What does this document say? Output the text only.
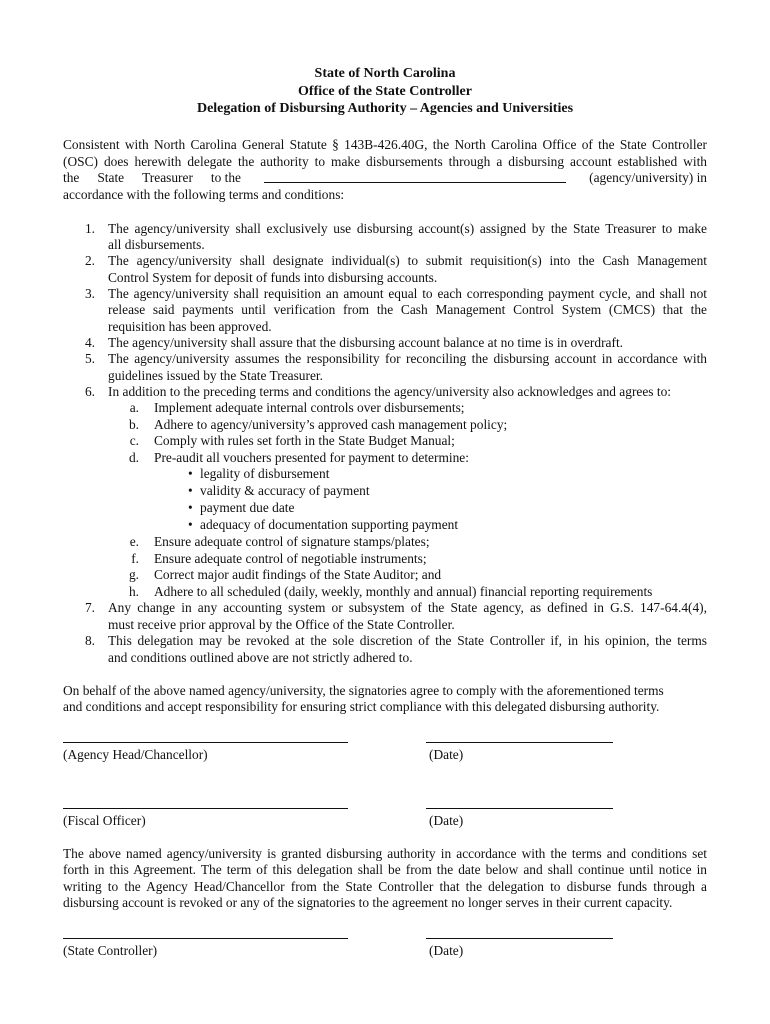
State of North Carolina
Office of the State Controller
Delegation of Disbursing Authority – Agencies and Universities
Consistent with North Carolina General Statute § 143B-426.40G, the North Carolina Office of the State Controller
(OSC) does herewith delegate the authority to make disbursements through a disbursing account established with
the State Treasurer to the	(agency/university) in
accordance with the following terms and conditions:
1. The agency/university shall exclusively use disbursing account(s) assigned by the State Treasurer to make
all disbursements.
2. The agency/university shall designate individual(s) to submit requisition(s) into the Cash Management
Control System for deposit of funds into disbursing accounts.
3. The agency/university shall requisition an amount equal to each corresponding payment cycle, and shall not
release said payments until verification from the Cash Management Control System (CMCS) that the
requisition has been approved.
4. The agency/university shall assure that the disbursing account balance at no time is in overdraft.
5. The agency/university assumes the responsibility for reconciling the disbursing account in accordance with
guidelines issued by the State Treasurer.
6. In addition to the preceding terms and conditions the agency/university also acknowledges and agrees to:
a. Implement adequate internal controls over disbursements;
b. Adhere to agency/university’s approved cash management policy;
c. Comply with rules set forth in the State Budget Manual;
d. Pre-audit all vouchers presented for payment to determine:
• legality of disbursement
• validity & accuracy of payment
• payment due date
• adequacy of documentation supporting payment
e. Ensure adequate control of signature stamps/plates;
f. Ensure adequate control of negotiable instruments;
g. Correct major audit findings of the State Auditor; and
h. Adhere to all scheduled (daily, weekly, monthly and annual) financial reporting requirements
7. Any change in any accounting system or subsystem of the State agency, as defined in G.S. 147-64.4(4),
must receive prior approval by the Office of the State Controller.
8. This delegation may be revoked at the sole discretion of the State Controller if, in his opinion, the terms
and conditions outlined above are not strictly adhered to.
On behalf of the above named agency/university, the signatories agree to comply with the aforementioned terms
and conditions and accept responsibility for ensuring strict compliance with this delegated disbursing authority.
(Agency Head/Chancellor)	(Date)
(Fiscal Officer)	(Date)
The above named agency/university is granted disbursing authority in accordance with the terms and conditions set
forth in this Agreement. The term of this delegation shall be from the date below and shall continue until notice in
writing to the Agency Head/Chancellor from the State Controller that the delegation to disburse funds through a
disbursing account is revoked or any of the signatories to the agreement no longer serves in their current capacity.
(State Controller)	(Date)
